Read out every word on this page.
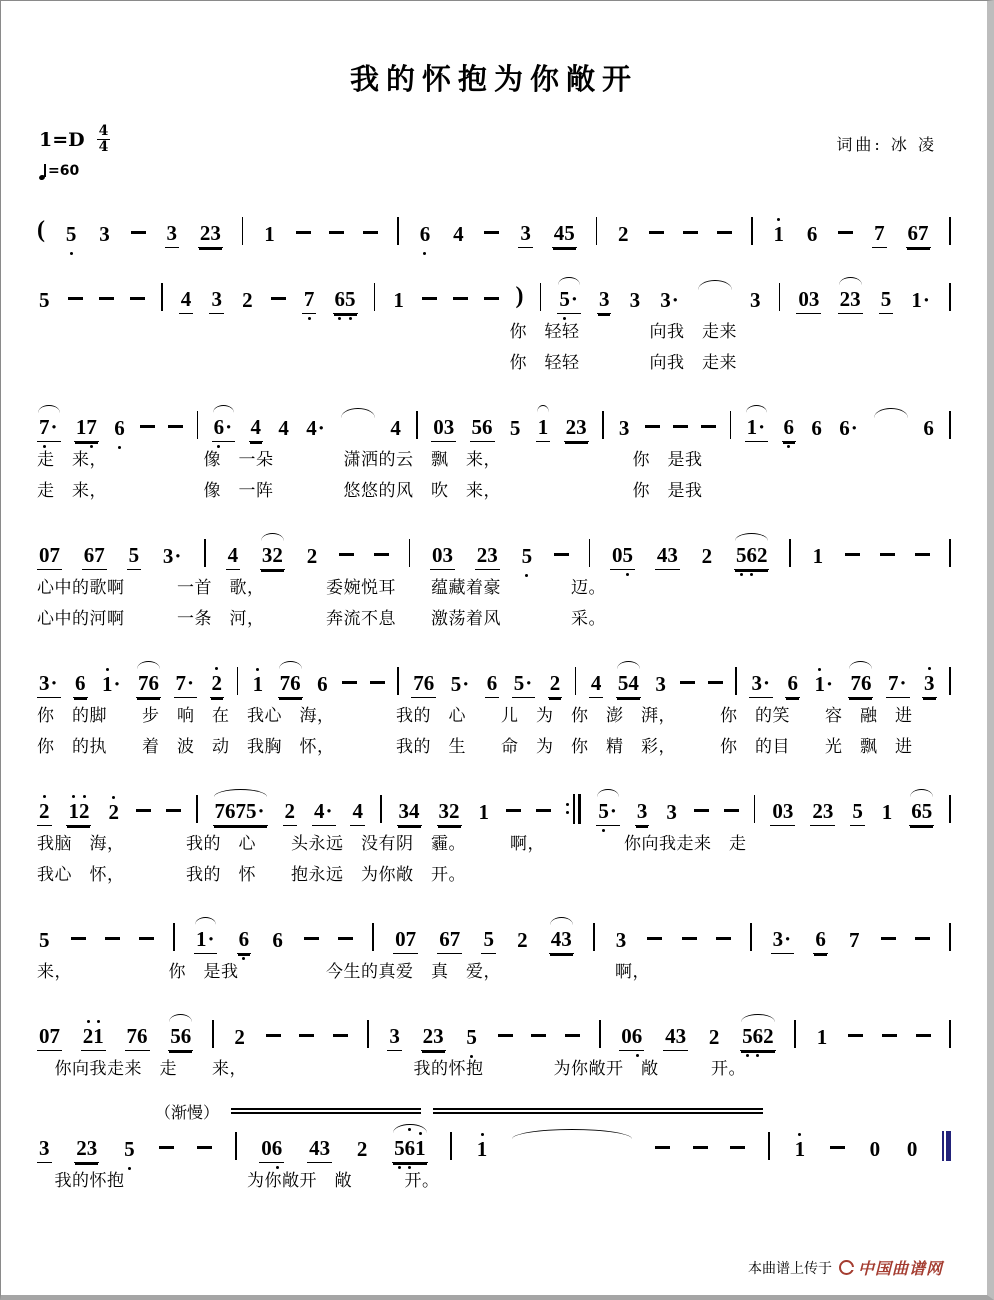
我的怀抱为你敞开
1=D 4
4
=60
词曲: 冰 凌
( 5 3	3 23 1	6 4	3 45 2	1 6	7 67
5	4 3 2 7 65 1	) 5· 3 3 3·	3 03 23 5 1·
　　　　　　　　　　　　　　　　　　　　　　　　　　　你　轻轻　　　　向我　走来
　　　　　　　　　　　　　　　　　　　　　　　　　　　你　轻轻　　　　向我　走来
7· 17 6	6· 4 4 4·	4 03 56 5 1 23 3	1· 6 6 6·	6
走　来，　　　　　　像　一朵　　　　潇洒的云　飘　来，　　　　　　　　你　是我
走　来，　　　　　　像　一阵　　　　悠悠的风　吹　来，　　　　　　　　你　是我
07 67 5 3· 4 32 2	03 23 5	05 43 2 562 1
心中的歌啊　　　一首　歌，　　　　委婉悦耳　　蕴藏着豪　　　　迈。
心中的河啊　　　一条　河，　　　　奔流不息　　激荡着风　　　　采。
3· 6 1· 76 7· 2 1 76 6	76 5· 6 5· 2 4 54 3	3· 6 1· 76 7· 3
你　的脚　　步　响　在　我心　海，　　　　我的　心　　儿　为　你　澎　湃，　　　你　的笑　　容　融　进
你　的执　　着　波　动　我胸　怀，　　　　我的　生　　命　为　你　精　彩，　　　你　的目　　光　飘　进
2 12 2	7675· 2 4· 4 34 32 1	5· 3 3	03 23 5 1 65
我脑　海，　　　　我的　心　　头永远　没有阴　霾。　　　啊，　　　　　你向我走来　走
我心　怀，　　　　我的　怀　　抱永远　为你敞　开。
5	1· 6 6	07 67 5 2 43 3	3· 6 7
来，　　　　　　你　是我　　　　　今生的真爱　真　爱，　　　　　　　啊，
07 21 76 56 2	3 23 5	06 43 2 562 1
　你向我走来　走　　来，　　　　　　　　　　我的怀抱　　　　为你敞开　敞　　　开。
（渐慢）
3 23 5	06 43 2 561 1	1	0 0
　我的怀抱　　　　　　　为你敞开　敞　　　开。
本曲谱上传于 中国曲谱网
